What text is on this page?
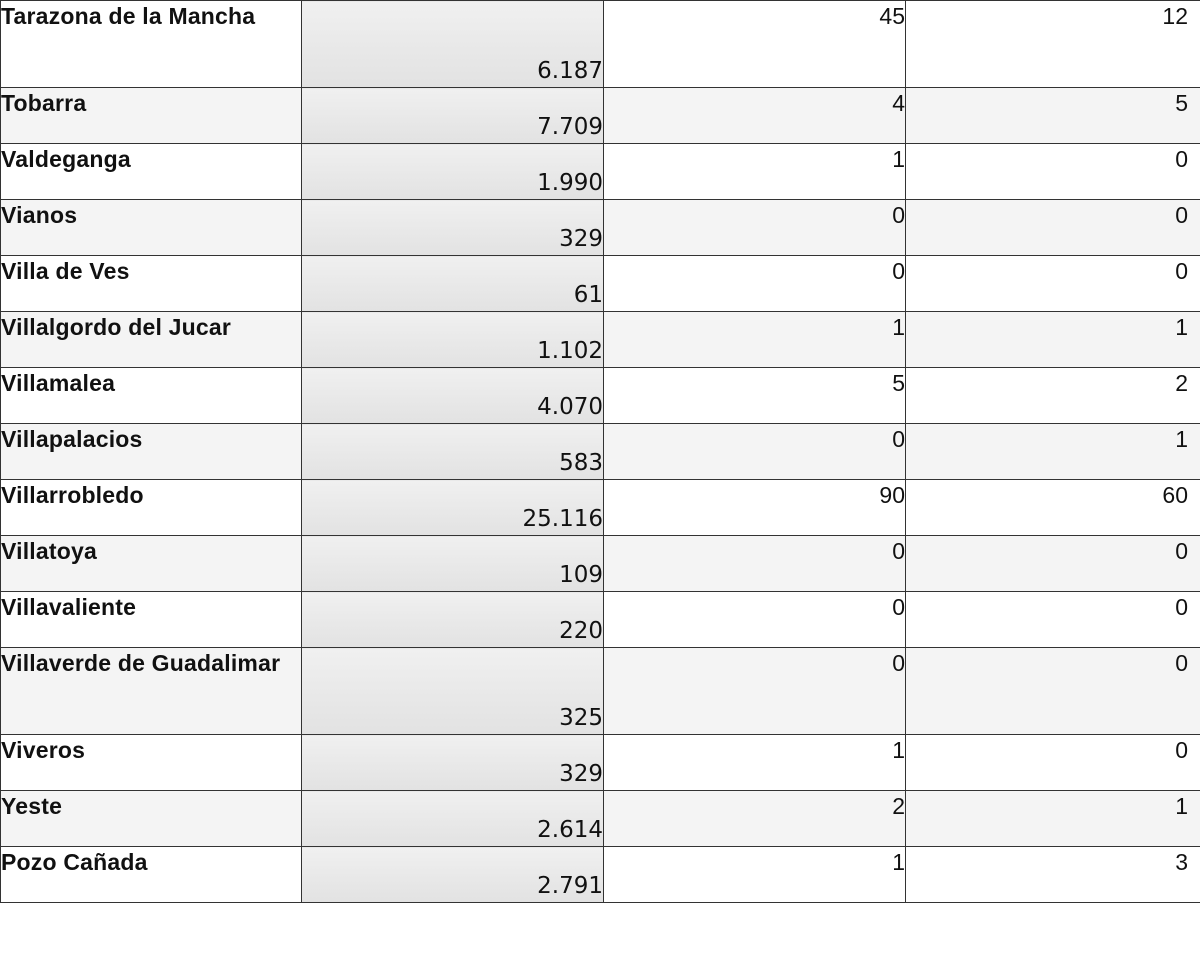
Tarazona de la Mancha	6.187	45	12
Tobarra	7.709	4	5
Valdeganga	1.990	1	0
Vianos	329	0	0
Villa de Ves	61	0	0
Villalgordo del Jucar	1.102	1	1
Villamalea	4.070	5	2
Villapalacios	583	0	1
Villarrobledo	25.116	90	60
Villatoya	109	0	0
Villavaliente	220	0	0
Villaverde de Guadalimar	325	0	0
Viveros	329	1	0
Yeste	2.614	2	1
Pozo Cañada	2.791	1	3
